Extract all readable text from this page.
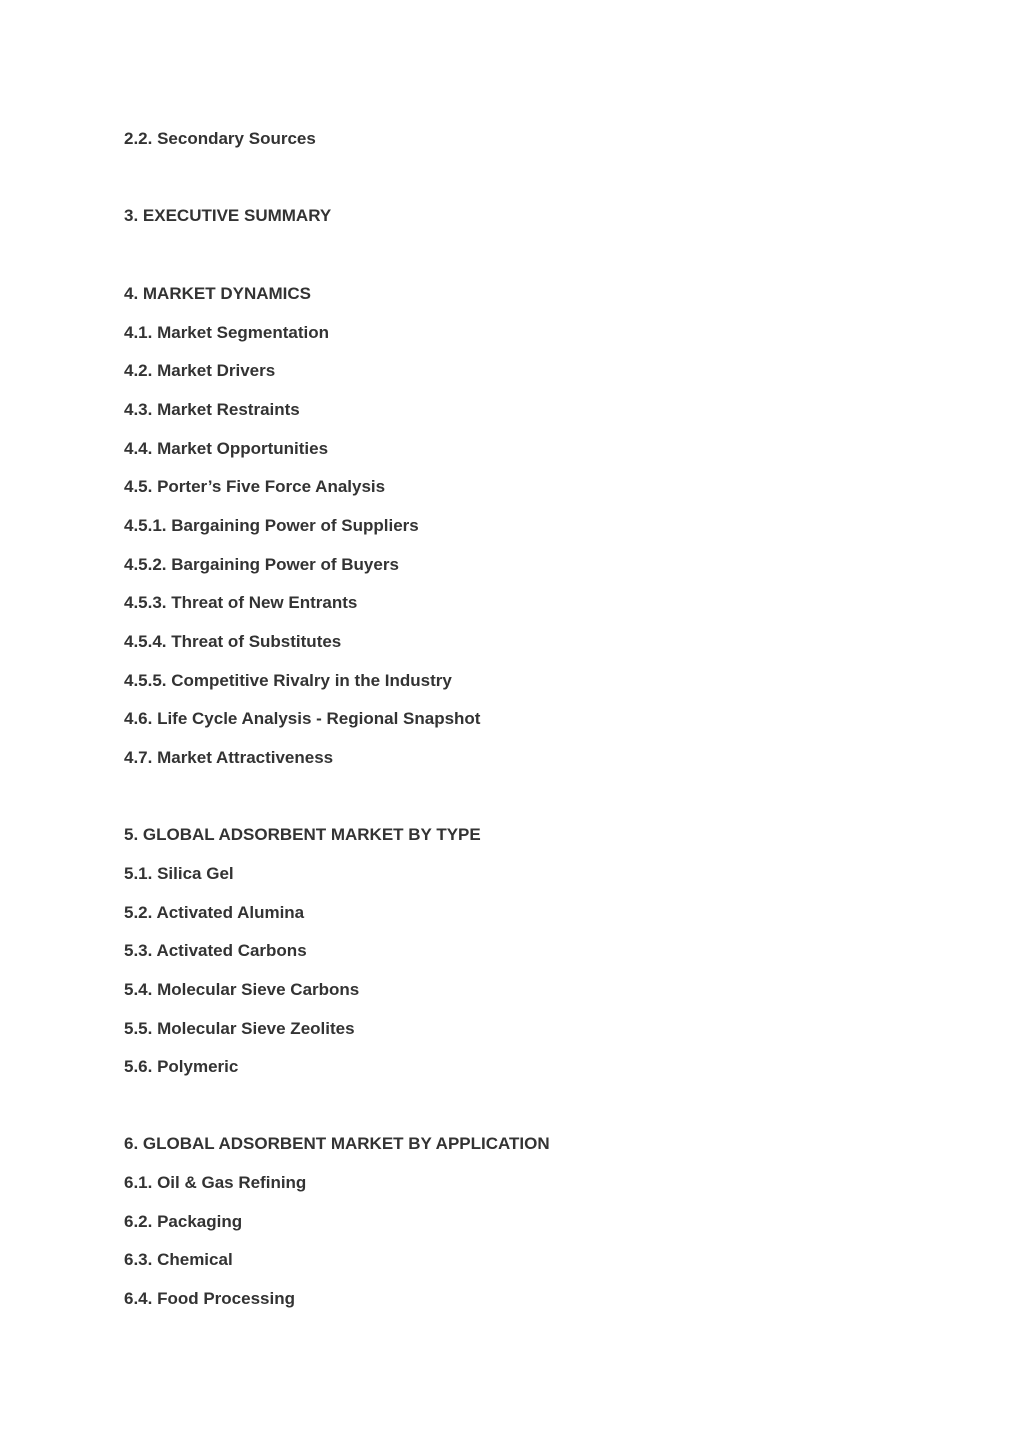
2.2. Secondary Sources
3. EXECUTIVE SUMMARY
4. MARKET DYNAMICS
4.1. Market Segmentation
4.2. Market Drivers
4.3. Market Restraints
4.4. Market Opportunities
4.5. Porter’s Five Force Analysis
4.5.1. Bargaining Power of Suppliers
4.5.2. Bargaining Power of Buyers
4.5.3. Threat of New Entrants
4.5.4. Threat of Substitutes
4.5.5. Competitive Rivalry in the Industry
4.6. Life Cycle Analysis - Regional Snapshot
4.7. Market Attractiveness
5. GLOBAL ADSORBENT MARKET BY TYPE
5.1. Silica Gel
5.2. Activated Alumina
5.3. Activated Carbons
5.4. Molecular Sieve Carbons
5.5. Molecular Sieve Zeolites
5.6. Polymeric
6. GLOBAL ADSORBENT MARKET BY APPLICATION
6.1. Oil & Gas Refining
6.2. Packaging
6.3. Chemical
6.4. Food Processing
